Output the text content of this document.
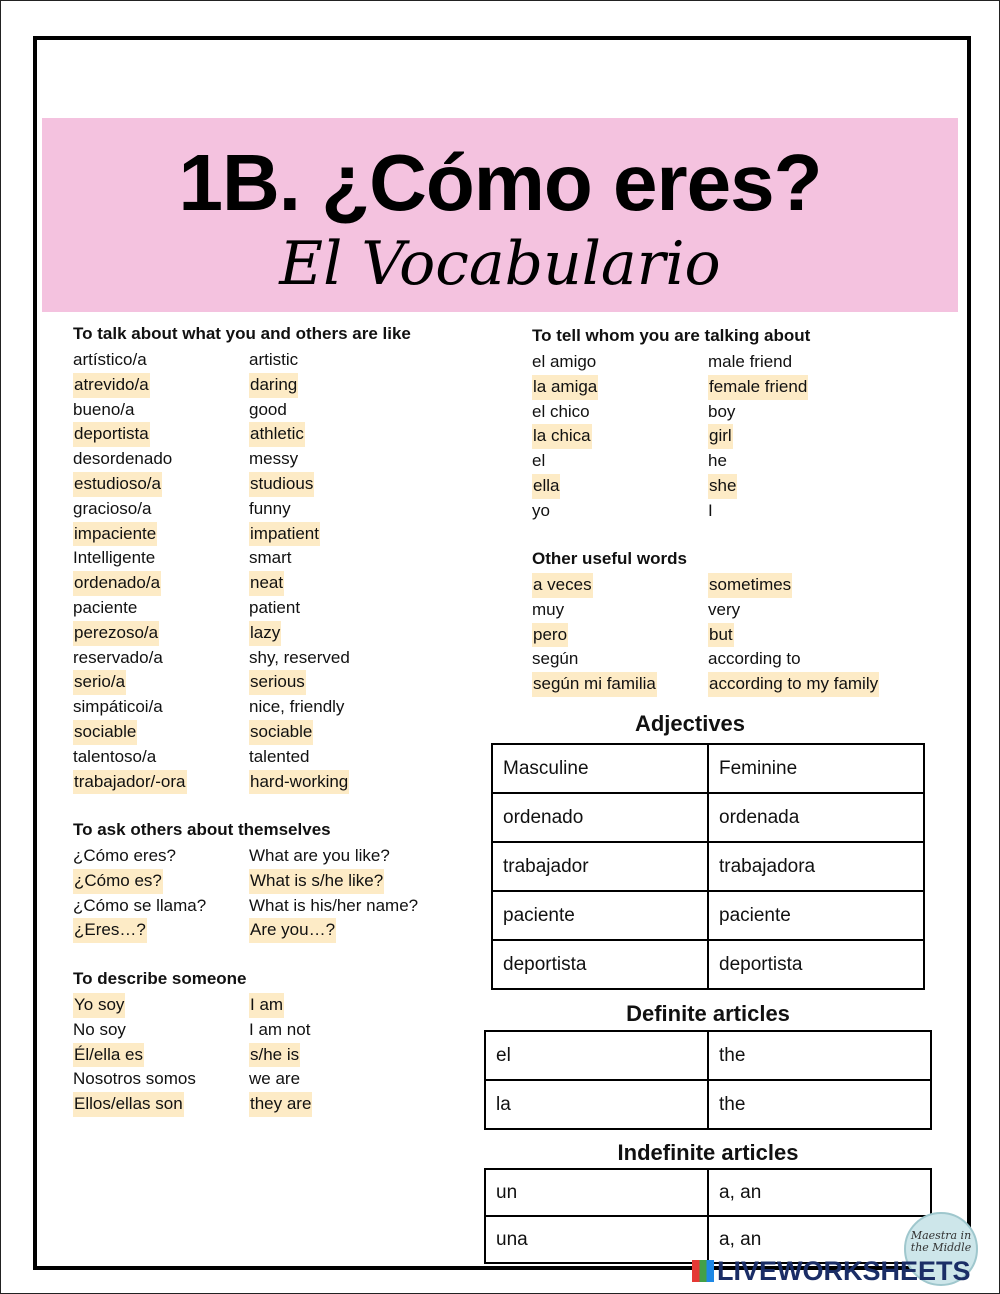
1B. ¿Cómo eres?
El Vocabulario
To talk about what you and others are like
artístico/a	artistic
atrevido/a	daring
bueno/a	good
deportista	athletic
desordenado	messy
estudioso/a	studious
gracioso/a	funny
impaciente	impatient
Intelligente	smart
ordenado/a	neat
paciente	patient
perezoso/a	lazy
reservado/a	shy, reserved
serio/a	serious
simpáticoi/a	nice, friendly
sociable	sociable
talentoso/a	talented
trabajador/-ora	hard-working
To ask others about themselves
¿Cómo eres?	What are you like?
¿Cómo es?	What is s/he like?
¿Cómo se llama?	What is his/her name?
¿Eres…?	Are you…?
To describe someone
Yo soy	I am
No soy	I am not
Él/ella es	s/he is
Nosotros somos	we are
Ellos/ellas son	they are
To tell whom you are talking about
el amigo	male friend
la amiga	female friend
el chico	boy
la chica	girl
el	he
ella	she
yo	I
Other useful words
a veces	sometimes
muy	very
pero	but
según	according to
según mi familia	according to my family
Adjectives
Masculine	Feminine
ordenado	ordenada
trabajador	trabajadora
paciente	paciente
deportista	deportista
Definite articles
el	the
la	the
Indefinite articles
un	a, an
una	a, an	Maestra in the Middle
LIVEWORKSHEETS
